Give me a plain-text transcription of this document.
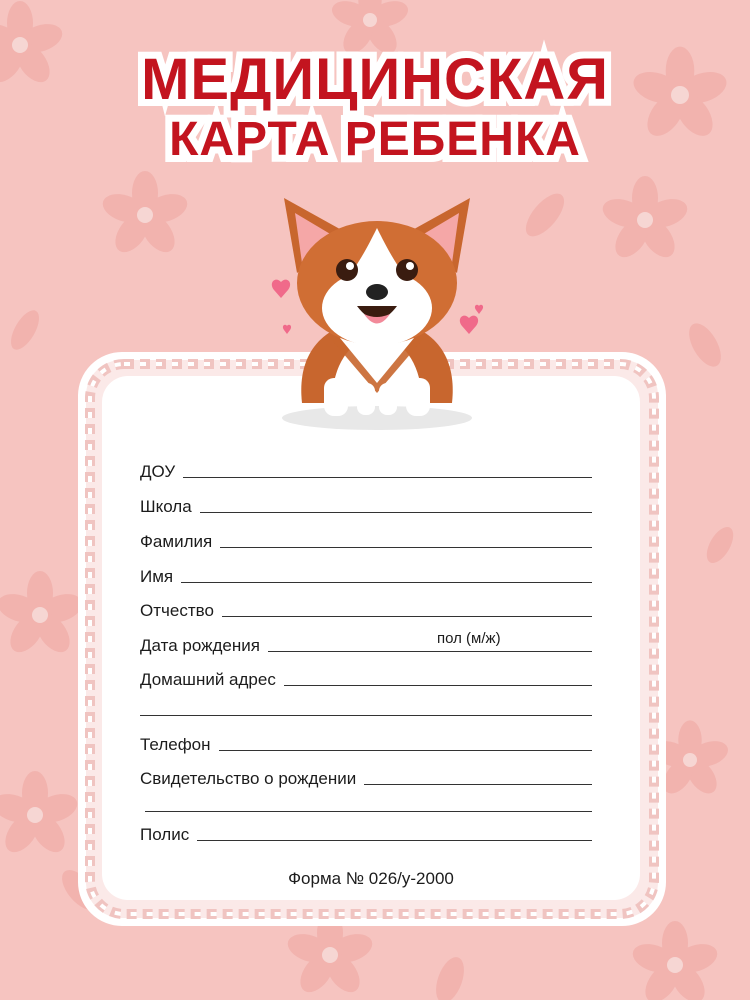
МЕДИЦИНСКАЯ
КАРТА РЕБЕНКА
ДОУ
Школа
Фамилия
Имя
Отчество
Дата рождения	пол (м/ж)
Домашний адрес
Телефон
Свидетельство о рождении
Полис
Форма № 026/у-2000
